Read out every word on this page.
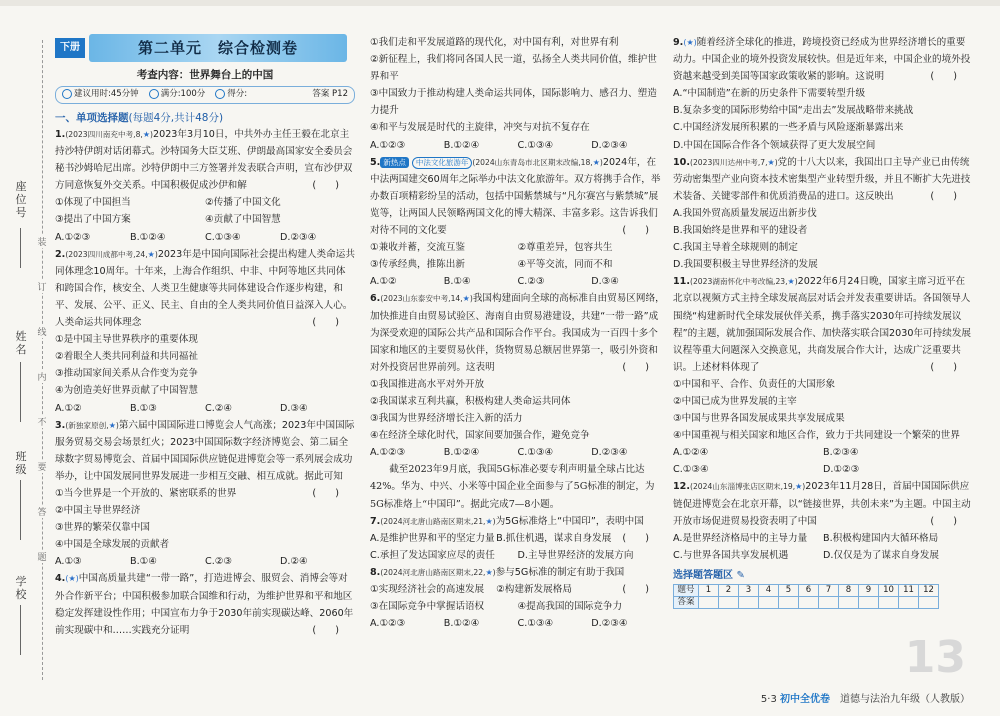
座位号
姓名
班级
学校
装
订
线
内
不
要
答
题
下册	第二单元　综合检测卷
考查内容：世界舞台上的中国
建议用时:45分钟	满分:100分	得分:	答案 P12
一、单项选择题(每题4分,共计48分)

1.(2023四川南充中考,8,★)2023年3月10日，中共外办主任王毅在北京主持沙特伊朗对话闭幕式。沙特国务大臣艾班、伊朗最高国家安全委员会秘书沙姆哈尼出席。沙特伊朗中三方签署并发表联合声明，宣布沙伊双方同意恢复外交关系。中国积极促成沙伊和解	(　　)

①体现了中国担当	②传播了中国文化
③提出了中国方案	④贡献了中国智慧
A.①②③	B.①②④	C.①③④	D.②③④

2.(2023四川成都中考,24,★)2023年是中国向国际社会提出构建人类命运共同体理念10周年。十年来，上海合作组织、中非、中阿等地区共同体和跨国合作，核安全、人类卫生健康等共同体建设合作逐步构建，和平、发展、公平、正义、民主、自由的全人类共同价值日益深入人心。人类命运共同体理念	(　　)

①是中国主导世界秩序的重要体现

②着眼全人类共同利益和共同福祉

③推动国家间关系从合作变为竞争

④为创造美好世界贡献了中国智慧

A.①②	B.①③	C.②④	D.③④

3.(新独家原创,★)第六届中国国际进口博览会人气高涨；2023年中国国际服务贸易交易会场景红火；2023中国国际数字经济博览会、第二届全球数字贸易博览会、首届中国国际供应链促进博览会等一系列展会成功举办，让中国发展同世界发展进一步相互交融、相互成就。据此可知
(　　)

①当今世界是一个开放的、紧密联系的世界

②中国主导世界经济

③世界的繁荣仅靠中国

④中国是全球发展的贡献者

A.①③	B.①④	C.②③	D.②④

4.(★)中国高质量共建“一带一路”，打造进博会、服贸会、消博会等对外合作新平台；中国积极参加联合国维和行动，为维护世界和平和地区稳定发挥建设性作用；中国宣布力争于2030年前实现碳达峰、2060年前实现碳中和……实践充分证明	(　　)

①我们走和平发展道路的现代化，对中国有利，对世界有利

②新征程上，我们将同各国人民一道，弘扬全人类共同价值，维护世界和平

③中国致力于推动构建人类命运共同体，国际影响力、感召力、塑造力提升

④和平与发展是时代的主旋律，冲突与对抗不复存在

A.①②③	B.①②④	C.①③④	D.②③④

5. 新热点 中法文化旅游年 (2024山东青岛市北区期末改编,18,★)2024年，在中法两国建交60周年之际举办中法文化旅游年。双方将携手合作，举办数百项精彩纷呈的活动，包括中国紫禁城与“凡尔赛宫与紫禁城”展览等，让两国人民领略两国文化的博大精深、丰富多彩。这告诉我们对待不同的文化要	(　　)

①兼收并蓄，交流互鉴	②尊重差异，包容共生
③传承经典，推陈出新	④平等交流，同而不和
A.①②	B.①④	C.②③	D.③④

6.(2023山东泰安中考,14,★)我国构建面向全球的高标准自由贸易区网络，加快推进自由贸易试验区、海南自由贸易港建设，共建“一带一路”成为深受欢迎的国际公共产品和国际合作平台。我国成为一百四十多个国家和地区的主要贸易伙伴，货物贸易总额居世界第一，吸引外资和对外投资居世界前列。这表明	(　　)

①我国推进高水平对外开放

②我国谋求互利共赢，积极构建人类命运共同体

③我国为世界经济增长注入新的活力

④在经济全球化时代，国家间要加强合作，避免竞争

A.①②③	B.①②④	C.①③④	D.②③④

截至2023年9月底，我国5G标准必要专利声明量全球占比达42%。华为、中兴、小米等中国企业全面参与了5G标准的制定，为5G标准烙上“中国印”。据此完成7—8小题。

7.(2024河北唐山路南区期末,21,★)为5G标准烙上“中国印”，表明中国
(　　)

A.是维护世界和平的坚定力量 B.抓住机遇，谋求自身发展
C.承担了发达国家应尽的责任	D.主导世界经济的发展方向

8.(2024河北唐山路南区期末,22,★)参与5G标准的制定有助于我国
(　　)

①实现经济社会的高速发展	②构建新发展格局
③在国际竞争中掌握话语权	④提高我国的国际竞争力
A.①②③	B.①②④	C.①③④	D.②③④

9.(★)随着经济全球化的推进，跨境投资已经成为世界经济增长的重要动力。中国企业的境外投资发展较快。但是近年来，中国企业的境外投资越来越受到美国等国家政策收紧的影响。这说明	(　　)

A.“中国制造”在新的历史条件下需要转型升级

B.复杂多变的国际形势给中国“走出去”发展战略带来挑战

C.中国经济发展所积累的一些矛盾与风险逐渐暴露出来

D.中国在国际合作各个领域获得了更大发展空间

10.(2023四川达州中考,7,★)党的十八大以来，我国出口主导产业已由传统劳动密集型产业向资本技术密集型产业转型升级，并且不断扩大先进技术装备、关键零部件和优质消费品的进口。这反映出	(　　)

A.我国外贸高质量发展迈出新步伐

B.我国始终是世界和平的建设者

C.我国主导着全球规则的制定

D.我国要积极主导世界经济的发展

11.(2023湖南怀化中考改编,23,★)2022年6月24日晚，国家主席习近平在北京以视频方式主持全球发展高层对话会并发表重要讲话。各国领导人围绕“构建新时代全球发展伙伴关系，携手落实2030年可持续发展议程”的主题，就加强国际发展合作、加快落实联合国2030年可持续发展议程等重大问题深入交换意见，共商发展合作大计，达成广泛重要共识。上述材料体现了	(　　)

①中国和平、合作、负责任的大国形象

②中国已成为世界发展的主宰

③中国与世界各国发展成果共享发展成果

④中国重视与相关国家和地区合作，致力于共同建设一个繁荣的世界

A.①②④	B.②③④
C.①③④	D.①②③

12.(2024山东淄博张店区期末,19,★)2023年11月28日，首届中国国际供应链促进博览会在北京开幕，以“链接世界，共创未来”为主题。中国主动开放市场促进贸易投资表明了中国	(　　)

A.是世界经济格局中的主导力量	B.积极构建国内大循环格局
C.与世界各国共享发展机遇	D.仅仅是为了谋求自身发展
选择题答题区 ✎
题号	1	2	3	4	5	6	7	8	9	10	11	12
答案												
13
5·3 初中全优卷　 道德与法治九年级（人教版）
